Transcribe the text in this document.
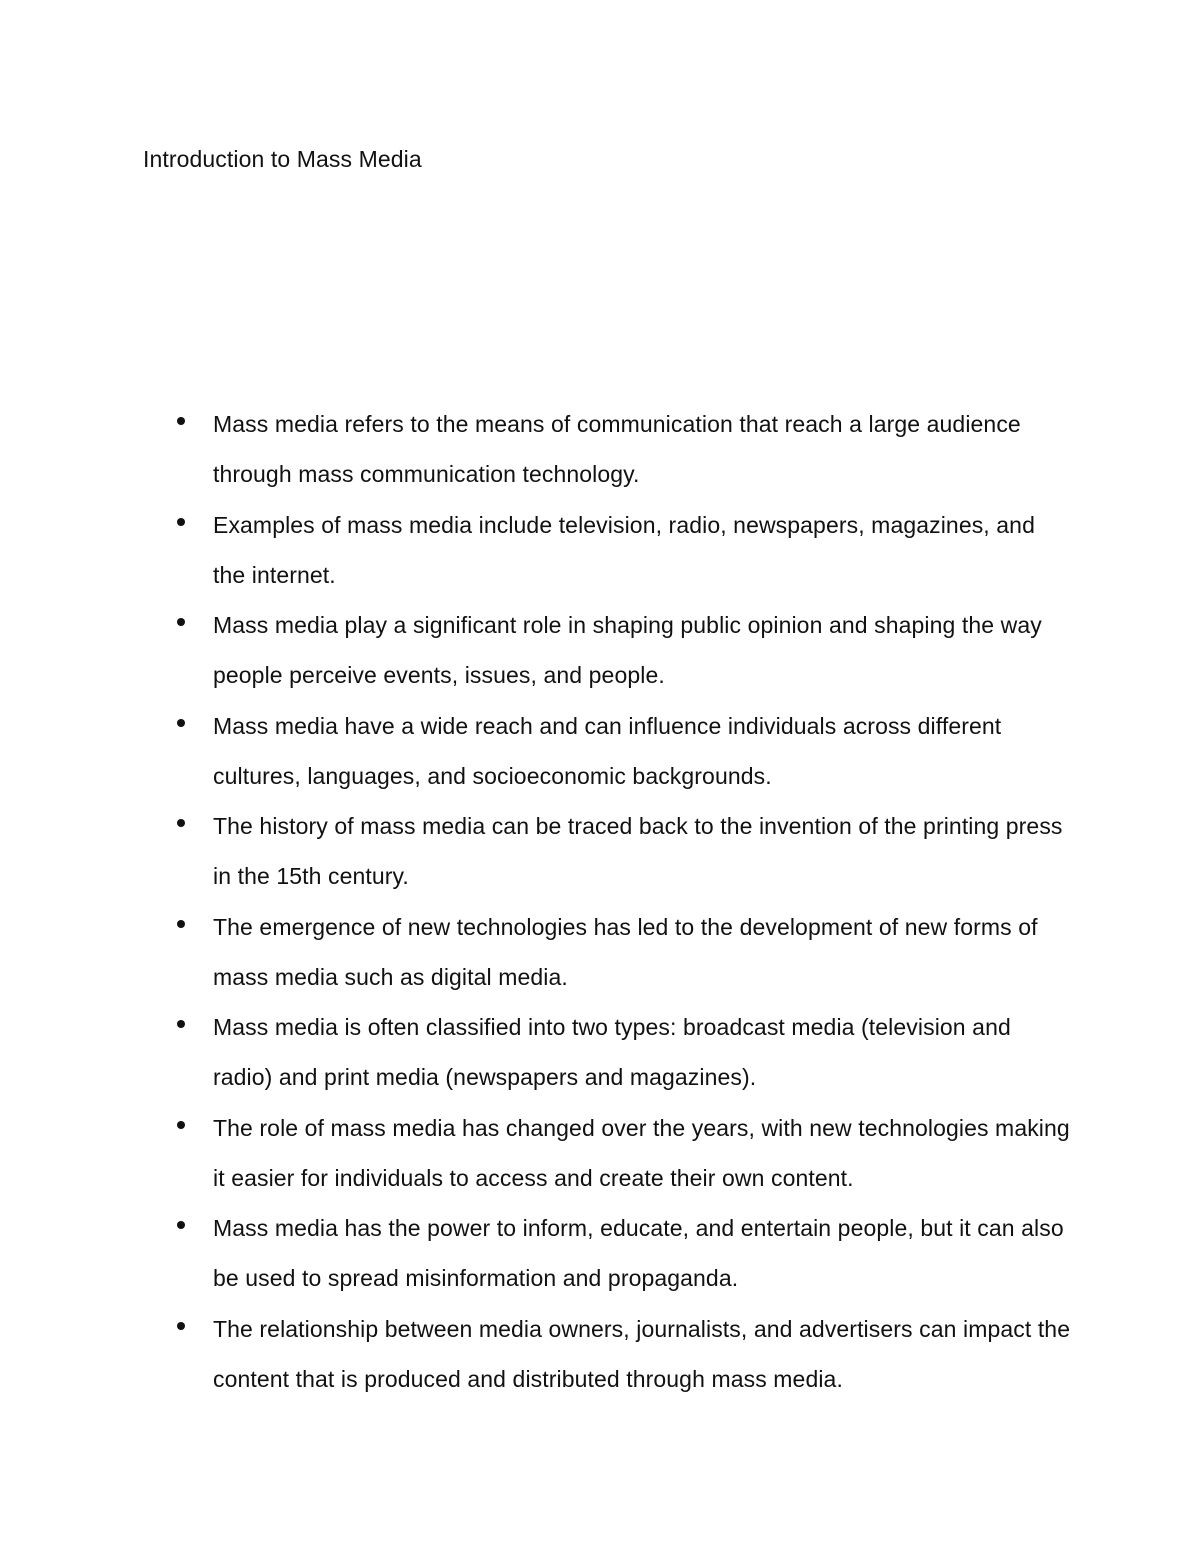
Introduction to Mass Media

Mass media refers to the means of communication that reach a large audience through mass communication technology.

Examples of mass media include television, radio, newspapers, magazines, and the internet.

Mass media play a significant role in shaping public opinion and shaping the way people perceive events, issues, and people.

Mass media have a wide reach and can influence individuals across different cultures, languages, and socioeconomic backgrounds.

The history of mass media can be traced back to the invention of the printing press in the 15th century.

The emergence of new technologies has led to the development of new forms of mass media such as digital media.

Mass media is often classified into two types: broadcast media (television and radio) and print media (newspapers and magazines).

The role of mass media has changed over the years, with new technologies making it easier for individuals to access and create their own content.

Mass media has the power to inform, educate, and entertain people, but it can also be used to spread misinformation and propaganda.

The relationship between media owners, journalists, and advertisers can impact the content that is produced and distributed through mass media.
